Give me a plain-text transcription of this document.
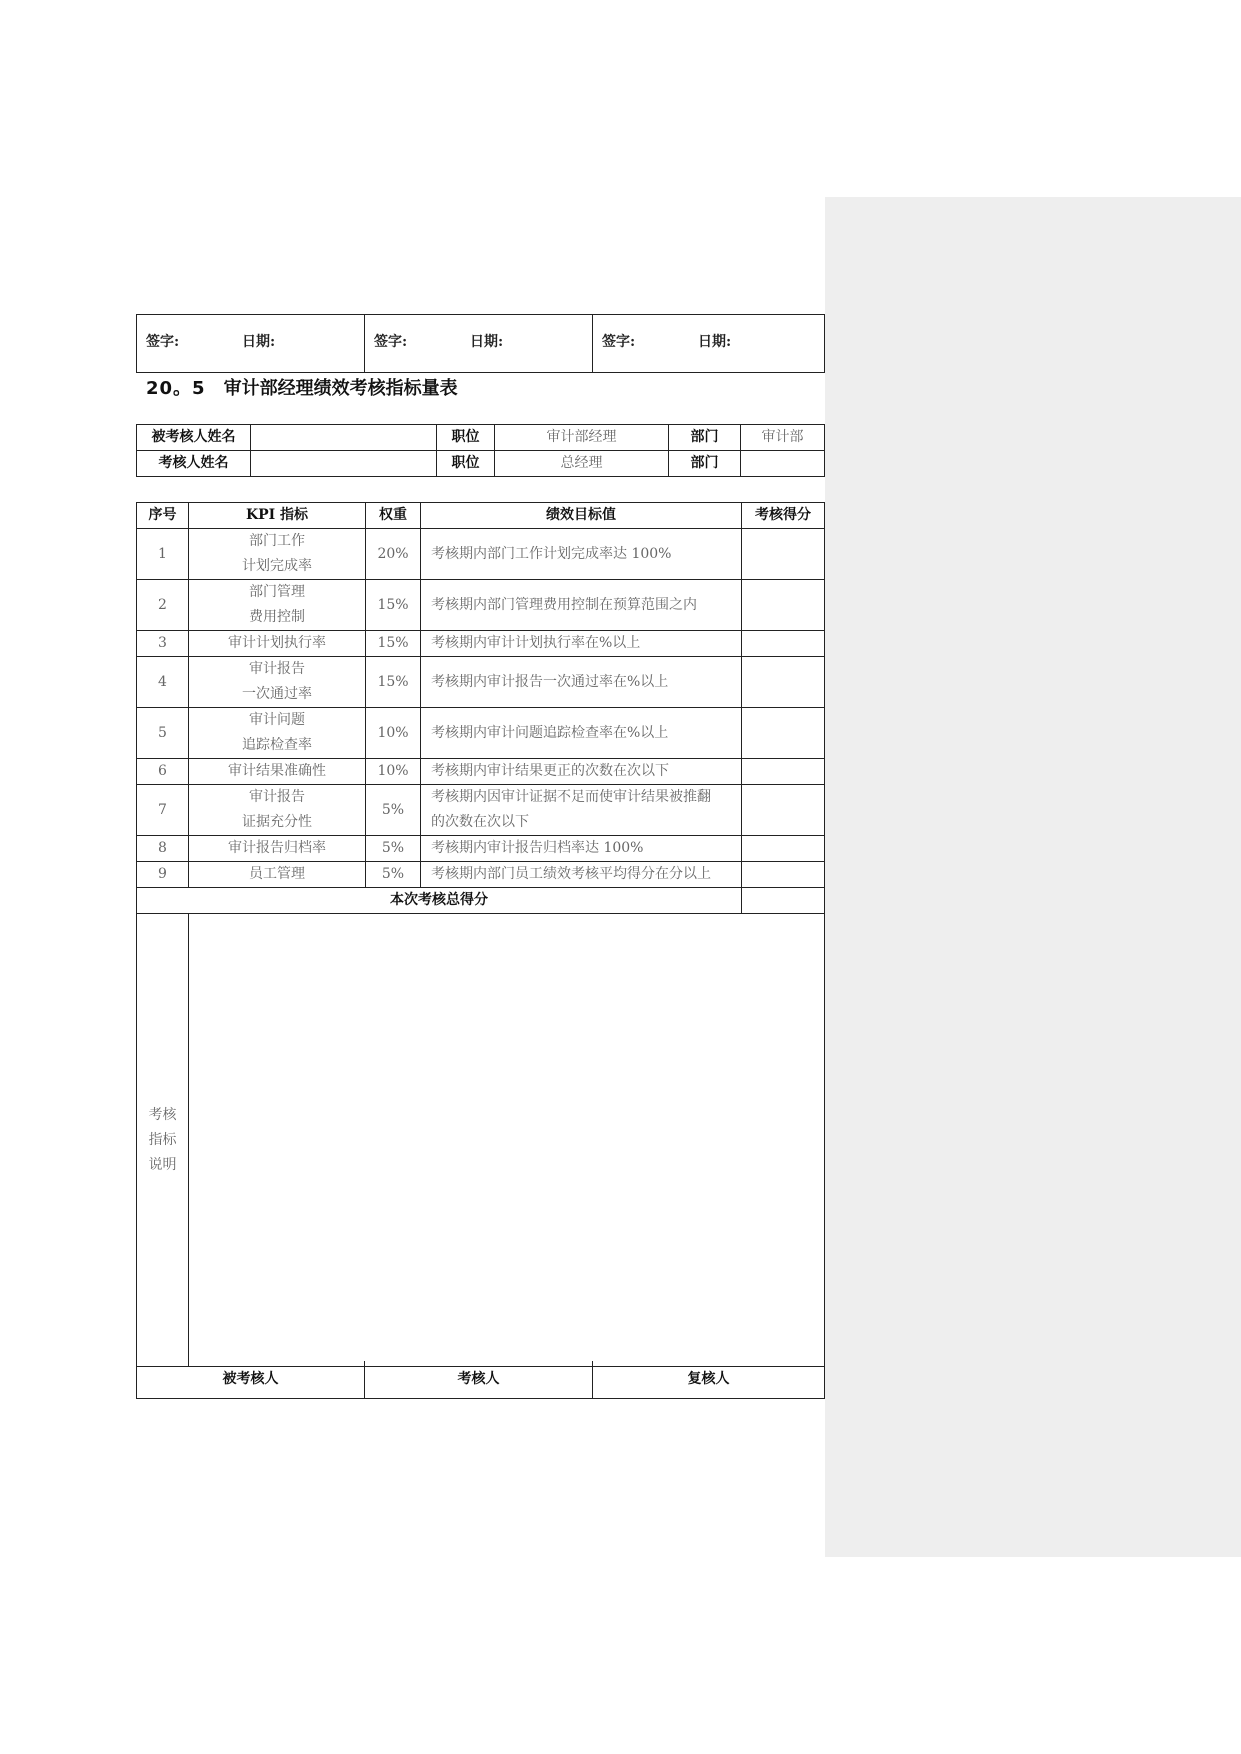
签字:	日期:	签字:	日期:	签字:	日期:
20。5 审计部经理绩效考核指标量表
被考核人姓名		职位	审计部经理	部门	审计部
考核人姓名		职位	总经理	部门	
序号	KPI 指标	权重	绩效目标值	考核得分
1	部门工作
计划完成率	20%	考核期内部门工作计划完成率达 100%	

2	部门管理
费用控制	15%	考核期内部门管理费用控制在预算范围之内	

3	审计计划执行率	15%	考核期内审计计划执行率在%以上	
4	审计报告
一次通过率	15%	考核期内审计报告一次通过率在%以上	

5	审计问题
追踪检查率	10%	考核期内审计问题追踪检查率在%以上	

6	审计结果准确性	10%	考核期内审计结果更正的次数在次以下	
7	审计报告
证据充分性	5%	考核期内因审计证据不足而使审计结果被推翻
的次数在次以下	

8	审计报告归档率	5%	考核期内审计报告归档率达 100%	
9	员工管理	5%	考核期内部门员工绩效考核平均得分在分以上	
本次考核总得分				

考核
指标
说明				

被考核人	考核人	复核人
